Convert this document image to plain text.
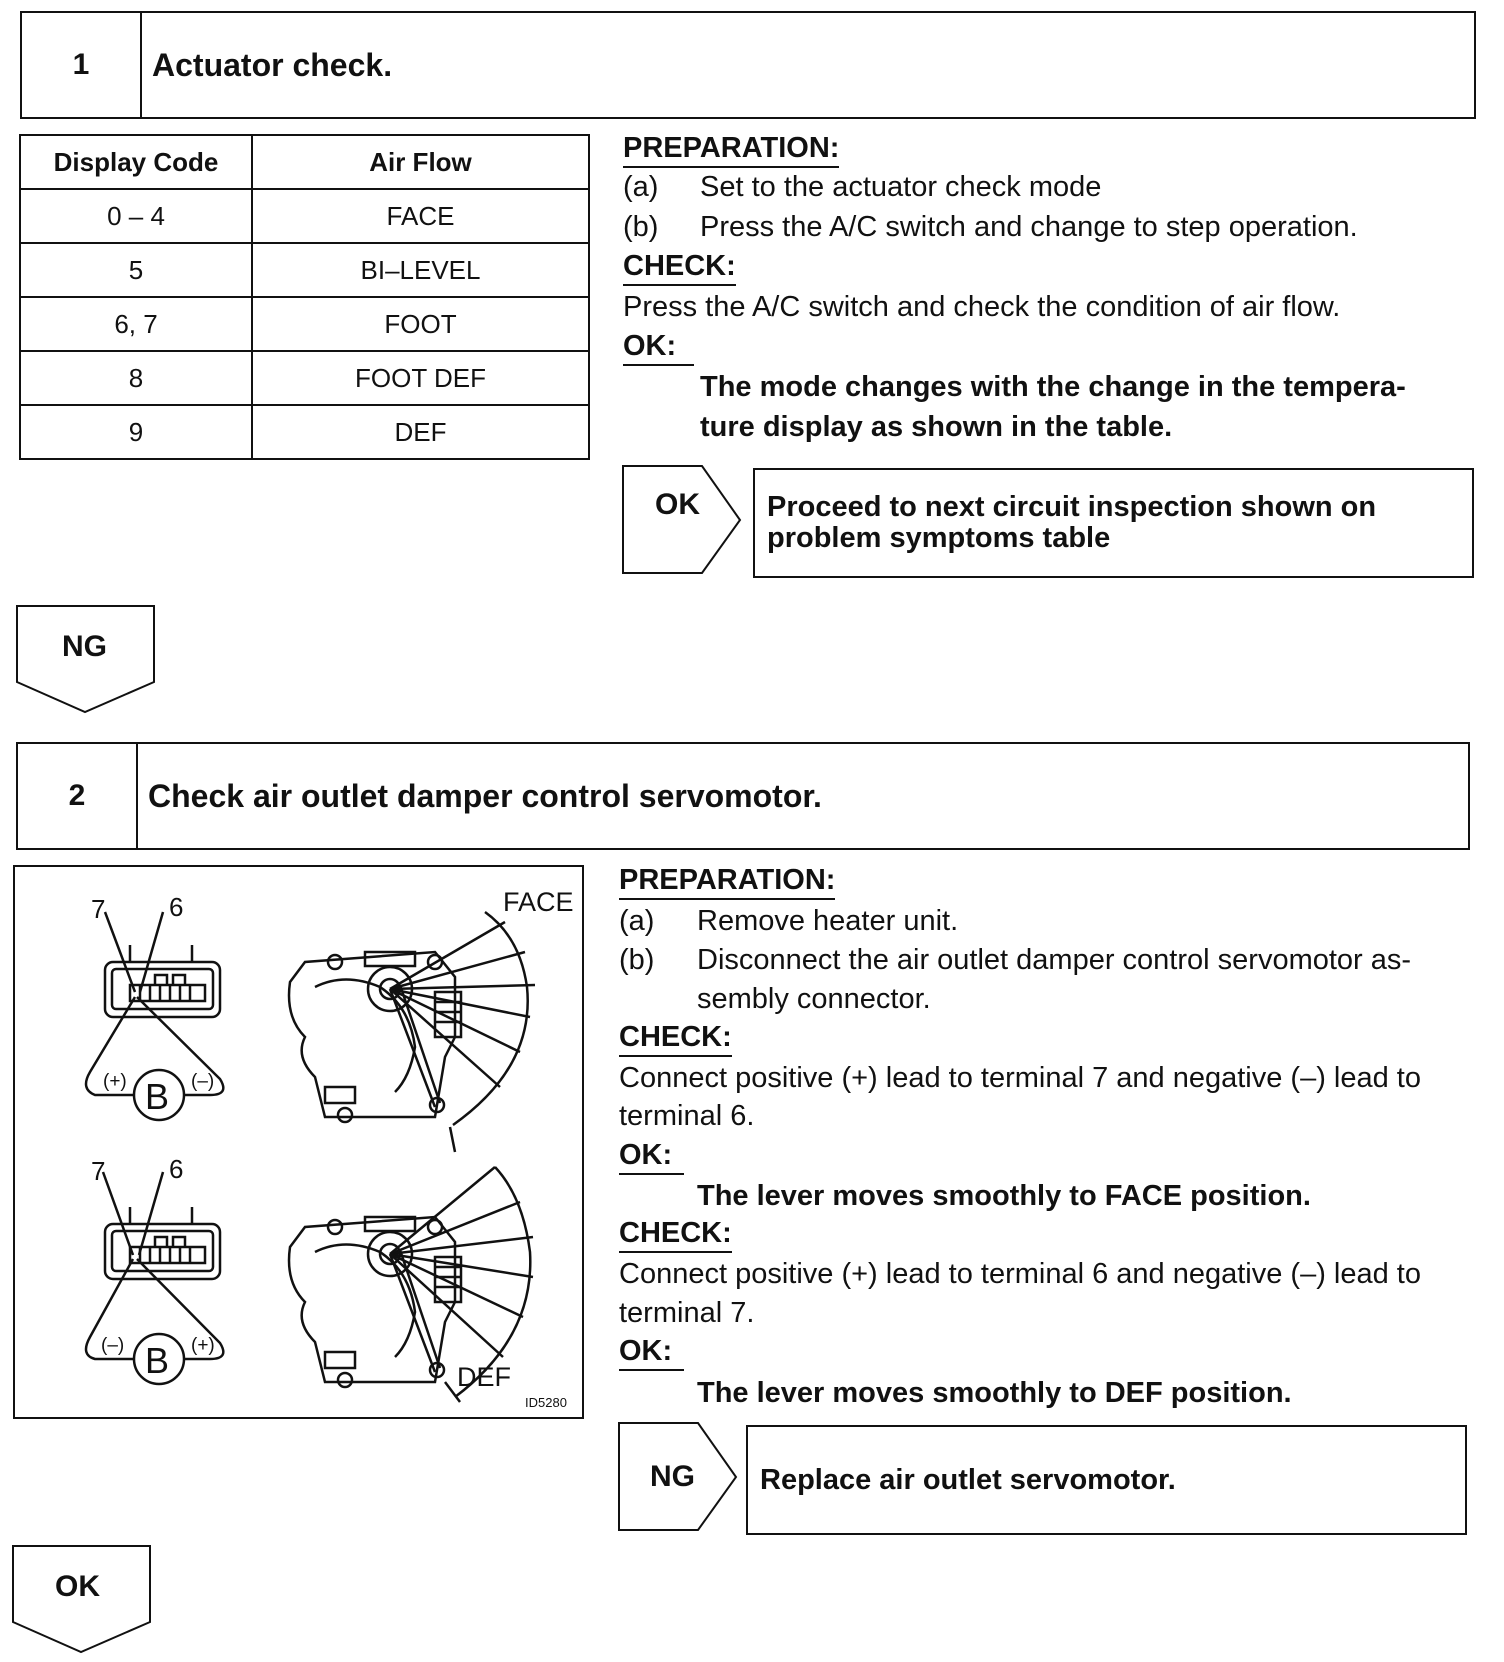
1	Actuator check.
Display Code	Air Flow
0 – 4	FACE
5	BI–LEVEL
6, 7	FOOT
8	FOOT DEF
9	DEF
PREPARATION:
(a) Set to the actuator check mode
(b) Press the A/C switch and change to step operation.
CHECK:
Press the A/C switch and check the condition of air flow.
OK:
The mode changes with the change in the tempera-
ture display as shown in the table.
OK Proceed to next circuit inspection shown on
problem symptoms table
NG
2	Check air outlet damper control servomotor.
7 6	FACE
(+)	(–)
B
7 6
(–)	(+)
B	DEF
ID5280
PREPARATION:
(a) Remove heater unit.
(b) Disconnect the air outlet damper control servomotor as-
sembly connector.
CHECK:
Connect positive (+) lead to terminal 7 and negative (–) lead to
terminal 6.
OK:
The lever moves smoothly to FACE position.
CHECK:
Connect positive (+) lead to terminal 6 and negative (–) lead to
terminal 7.
OK:
The lever moves smoothly to DEF position.
NG	Replace air outlet servomotor.
OK
